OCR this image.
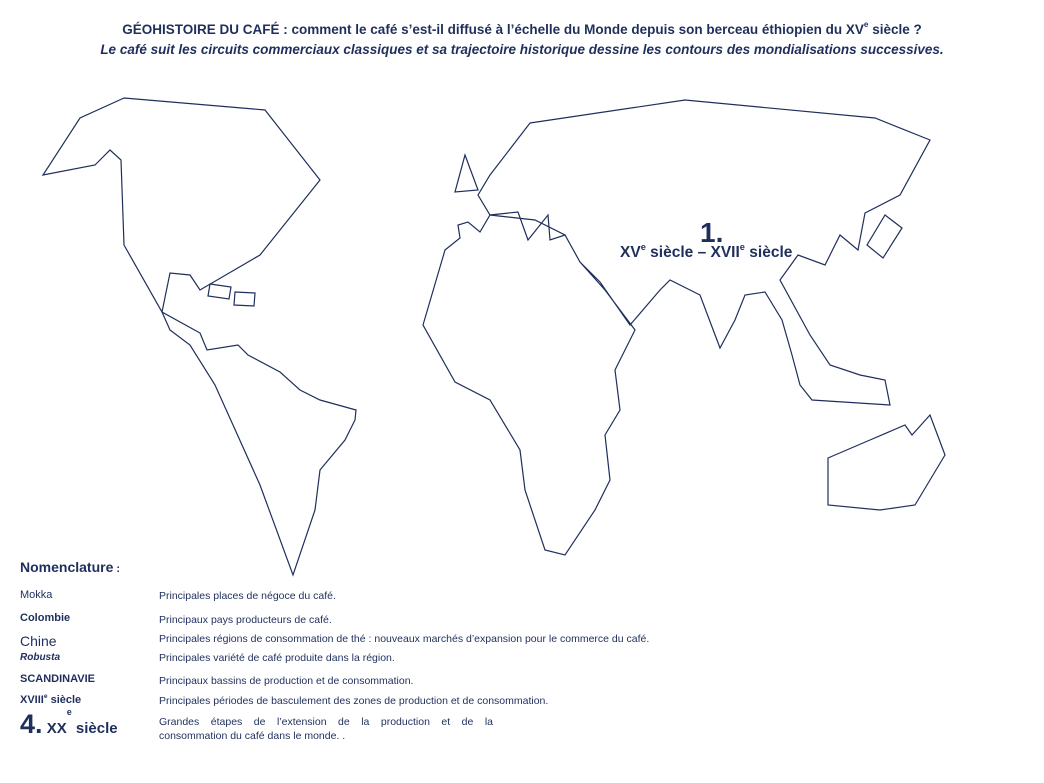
GÉOHISTOIRE DU CAFÉ : comment le café s’est-il diffusé à l’échelle du Monde depuis son berceau éthiopien du XVe siècle ?
Le café suit les circuits commerciaux classiques et sa trajectoire historique dessine les contours des mondialisations successives.
1.
XVe siècle – XVIIe siècle
Nomenclature :
Mokka	Principales places de négoce du café.
Colombie	Principaux pays producteurs de café.
Chine	Principales régions de consommation de thé : nouveaux marchés d’expansion pour le commerce du café.
Robusta	Principales variété de café produite dans la région.
SCANDINAVIE	Principaux bassins de production et de consommation.
XVIIIe siècle	Principales périodes de basculement des zones de production et de consommation.
4. XXe siècle	Grandes étapes de l’extension de la production et de la
consommation du café dans le monde. .
